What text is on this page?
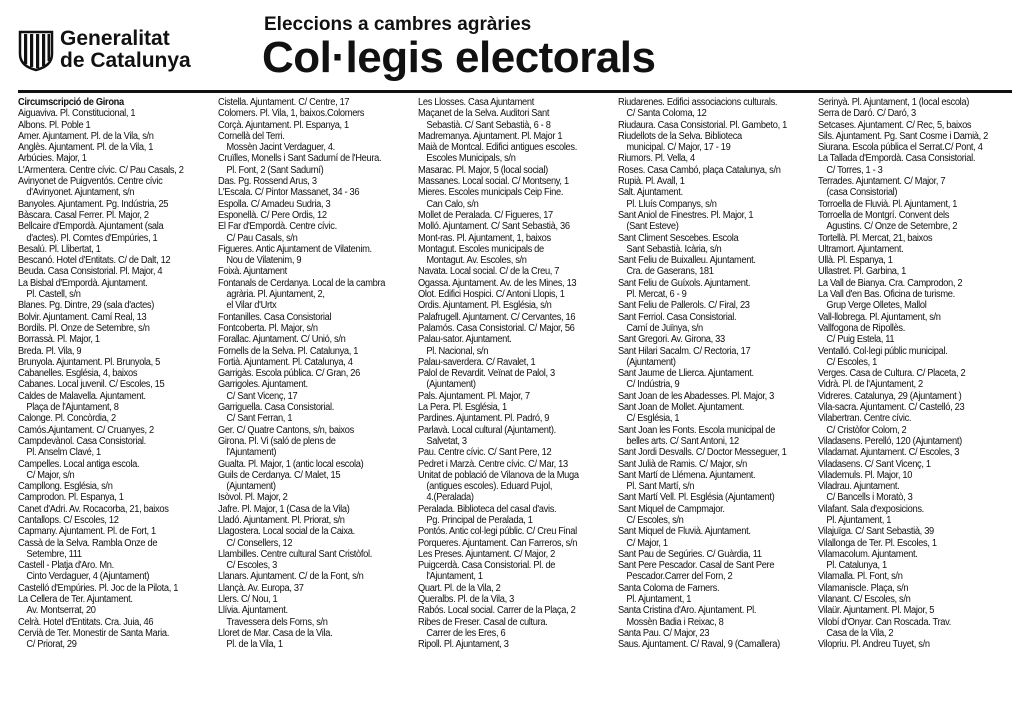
Generalitat
de Catalunya
Eleccions a cambres agràries
Col·legis electorals
Circumscripció de Girona
Aiguaviva. Pl. Constitucional, 1
Albons. Pl. Poble 1
Amer. Ajuntament. Pl. de la Vila, s/n
Anglès. Ajuntament. Pl. de la Vila, 1
Arbúcies. Major, 1
L'Armentera. Centre cívic. C/ Pau Casals, 2
Avinyonet de Puigventós. Centre cívic
d'Avinyonet. Ajuntament, s/n
Banyoles. Ajuntament. Pg. Indústria, 25
Bàscara. Casal Ferrer. Pl. Major, 2
Bellcaire d'Empordà. Ajuntament (sala
d'actes). Pl. Comtes d'Empúries, 1
Besalú. Pl. Llibertat, 1
Bescanó. Hotel d'Entitats. C/ de Dalt, 12
Beuda. Casa Consistorial. Pl. Major, 4
La Bisbal d'Empordà. Ajuntament.
Pl. Castell, s/n
Blanes. Pg. Dintre, 29 (sala d'actes)
Bolvir. Ajuntament. Camí Real, 13
Bordils. Pl. Onze de Setembre, s/n
Borrassà. Pl. Major, 1
Breda. Pl. Vila, 9
Brunyola. Ajuntament. Pl. Brunyola, 5
Cabanelles. Església, 4, baixos
Cabanes. Local juvenil. C/ Escoles, 15
Caldes de Malavella. Ajuntament.
Plaça de l'Ajuntament, 8
Calonge. Pl. Concòrdia, 2
Camós.Ajuntament. C/ Cruanyes, 2
Campdevànol. Casa Consistorial.
Pl. Anselm Clavé, 1
Campelles. Local antiga escola.
C/ Major, s/n
Campllong. Església, s/n
Camprodon. Pl. Espanya, 1
Canet d'Adri. Av. Rocacorba, 21, baixos
Cantallops. C/ Escoles, 12
Capmany. Ajuntament. Pl. de Fort, 1
Cassà de la Selva. Rambla Onze de
Setembre, 111
Castell - Platja d'Aro. Mn.
Cinto Verdaguer, 4 (Ajuntament)
Castelló d'Empúries. Pl. Joc de la Pilota, 1
La Cellera de Ter. Ajuntament.
Av. Montserrat, 20
Celrà. Hotel d'Entitats. Cra. Juia, 46
Cervià de Ter. Monestir de Santa Maria.
C/ Priorat, 29
Cistella. Ajuntament. C/ Centre, 17
Colomers. Pl. Vila, 1, baixos.Colomers
Corçà. Ajuntament. Pl. Espanya, 1
Cornellà del Terri.
Mossèn Jacint Verdaguer, 4.
Cruïlles, Monells i Sant Sadurní de l'Heura.
Pl. Font, 2 (Sant Sadurní)
Das. Pg. Rossend Arus, 3
L'Escala. C/ Pintor Massanet, 34 - 36
Espolla. C/ Amadeu Sudria, 3
Esponellà. C/ Pere Ordis, 12
El Far d'Empordà. Centre cívic.
C/ Pau Casals, s/n
Figueres. Antic Ajuntament de Vilatenim.
Nou de Vilatenim, 9
Foixà. Ajuntament
Fontanals de Cerdanya. Local de la cambra
agrària. Pl. Ajuntament, 2,
el Vilar d'Urtx
Fontanilles. Casa Consistorial
Fontcoberta. Pl. Major, s/n
Forallac. Ajuntament. C/ Unió, s/n
Fornells de la Selva. Pl. Catalunya, 1
Fortià. Ajuntament. Pl. Catalunya, 4
Garrigàs. Escola pública. C/ Gran, 26
Garrigoles. Ajuntament.
C/ Sant Vicenç, 17
Garriguella. Casa Consistorial.
C/ Sant Ferran, 1
Ger. C/ Quatre Cantons, s/n, baixos
Girona. Pl. Vi (saló de plens de
l'Ajuntament)
Gualta. Pl. Major, 1 (antic local escola)
Guils de Cerdanya. C/ Malet, 15
(Ajuntament)
Isòvol. Pl. Major, 2
Jafre. Pl. Major, 1 (Casa de la Vila)
Lladó. Ajuntament. Pl. Priorat, s/n
Llagostera. Local social de la Caixa.
C/ Consellers, 12
Llambilles. Centre cultural Sant Cristòfol.
C/ Escoles, 3
Llanars. Ajuntament. C/ de la Font, s/n
Llançà. Av. Europa, 37
Llers. C/ Nou, 1
Llívia. Ajuntament.
Travessera dels Forns, s/n
Lloret de Mar. Casa de la Vila.
Pl. de la Vila, 1
Les Llosses. Casa Ajuntament
Maçanet de la Selva. Auditori Sant
Sebastià. C/ Sant Sebastià, 6 - 8
Madremanya. Ajuntament. Pl. Major 1
Maià de Montcal. Edifici antigues escoles.
Escoles Municipals, s/n
Masarac. Pl. Major, 5 (local social)
Massanes. Local social. C/ Montseny, 1
Mieres. Escoles municipals Ceip Fine.
Can Calo, s/n
Mollet de Peralada. C/ Figueres, 17
Molló. Ajuntament. C/ Sant Sebastià, 36
Mont-ras. Pl. Ajuntament, 1, baixos
Montagut. Escoles municipals de
Montagut. Av. Escoles, s/n
Navata. Local social. C/ de la Creu, 7
Ogassa. Ajuntament. Av. de les Mines, 13
Olot. Edifici Hospici. C/ Antoni Llopis, 1
Ordis. Ajuntament. Pl. Església, s/n
Palafrugell. Ajuntament. C/ Cervantes, 16
Palamós. Casa Consistorial. C/ Major, 56
Palau-sator. Ajuntament.
Pl. Nacional, s/n
Palau-saverdera. C/ Ravalet, 1
Palol de Revardit. Veïnat de Palol, 3
(Ajuntament)
Pals. Ajuntament. Pl. Major, 7
La Pera. Pl. Església, 1
Pardines. Ajuntament. Pl. Padró, 9
Parlavà. Local cultural (Ajuntament).
Salvetat, 3
Pau. Centre cívic. C/ Sant Pere, 12
Pedret i Marzà. Centre cívic. C/ Mar, 13
Unitat de població de Vilanova de la Muga
(antigues escoles). Eduard Pujol,
4.(Peralada)
Peralada. Biblioteca del casal d'avis.
Pg. Principal de Peralada, 1
Pontós. Antic col·legi públic. C/ Creu Final
Porqueres. Ajuntament. Can Farreros, s/n
Les Preses. Ajuntament. C/ Major, 2
Puigcerdà. Casa Consistorial. Pl. de
l'Ajuntament, 1
Quart. Pl. de la Vila, 2
Queralbs. Pl. de la Vila, 3
Rabós. Local social. Carrer de la Plaça, 2
Ribes de Freser. Casal de cultura.
Carrer de les Eres, 6
Ripoll. Pl. Ajuntament, 3
Riudarenes. Edifici associacions culturals.
C/ Santa Coloma, 12
Riudaura. Casa Consistorial. Pl. Gambeto, 1
Riudellots de la Selva. Biblioteca
municipal. C/ Major, 17 - 19
Riumors. Pl. Vella, 4
Roses. Casa Cambó, plaça Catalunya, s/n
Rupià. Pl. Avall, 1
Salt. Ajuntament.
Pl. Lluís Companys, s/n
Sant Aniol de Finestres. Pl. Major, 1
(Sant Esteve)
Sant Climent Sescebes. Escola
Sant Sebastià. Icària, s/n
Sant Feliu de Buixalleu. Ajuntament.
Cra. de Gaserans, 181
Sant Feliu de Guíxols. Ajuntament.
Pl. Mercat, 6 - 9
Sant Feliu de Pallerols. C/ Firal, 23
Sant Ferriol. Casa Consistorial.
Camí de Juïnya, s/n
Sant Gregori. Av. Girona, 33
Sant Hilari Sacalm. C/ Rectoria, 17
(Ajuntament)
Sant Jaume de Llierca. Ajuntament.
C/ Indústria, 9
Sant Joan de les Abadesses. Pl. Major, 3
Sant Joan de Mollet. Ajuntament.
C/ Església, 1
Sant Joan les Fonts. Escola municipal de
belles arts. C/ Sant Antoni, 12
Sant Jordi Desvalls. C/ Doctor Messeguer, 1
Sant Julià de Ramis. C/ Major, s/n
Sant Martí de Llémena. Ajuntament.
Pl. Sant Martí, s/n
Sant Martí Vell. Pl. Església (Ajuntament)
Sant Miquel de Campmajor.
C/ Escoles, s/n
Sant Miquel de Fluvià. Ajuntament.
C/ Major, 1
Sant Pau de Segúries. C/ Guàrdia, 11
Sant Pere Pescador. Casal de Sant Pere
Pescador.Carrer del Forn, 2
Santa Coloma de Farners.
Pl. Ajuntament, 1
Santa Cristina d'Aro. Ajuntament. Pl.
Mossèn Badia i Reixac, 8
Santa Pau. C/ Major, 23
Saus. Ajuntament. C/ Raval, 9 (Camallera)
Serinyà. Pl. Ajuntament, 1 (local escola)
Serra de Daró. C/ Daró, 3
Setcases. Ajuntament. C/ Rec, 5, baixos
Sils. Ajuntament. Pg. Sant Cosme i Damià, 2
Siurana. Escola pública el Serrat.C/ Pont, 4
La Tallada d'Empordà. Casa Consistorial.
C/ Torres, 1 - 3
Terrades. Ajuntament. C/ Major, 7
(casa Consistorial)
Torroella de Fluvià. Pl. Ajuntament, 1
Torroella de Montgrí. Convent dels
Agustins. C/ Onze de Setembre, 2
Tortellà. Pl. Mercat, 21, baixos
Ultramort. Ajuntament.
Ullà. Pl. Espanya, 1
Ullastret. Pl. Garbina, 1
La Vall de Bianya. Cra. Camprodon, 2
La Vall d'en Bas. Oficina de turisme.
Grup Verge Olletes, Mallol
Vall-llobrega. Pl. Ajuntament, s/n
Vallfogona de Ripollès.
C/ Puig Estela, 11
Ventalló. Col·legi públic municipal.
C/ Escoles, 1
Verges. Casa de Cultura. C/ Placeta, 2
Vidrà. Pl. de l'Ajuntament, 2
Vidreres. Catalunya, 29 (Ajuntament )
Vila-sacra. Ajuntament. C/ Castelló, 23
Vilabertran. Centre cívic.
C/ Cristòfor Colom, 2
Viladasens. Perelló, 120 (Ajuntament)
Viladamat. Ajuntament. C/ Escoles, 3
Viladasens. C/ Sant Vicenç, 1
Vilademuls. Pl. Major, 10
Viladrau. Ajuntament.
C/ Bancells i Moratò, 3
Vilafant. Sala d'exposicions.
Pl. Ajuntament, 1
Vilajuïga. C/ Sant Sebastià, 39
Vilallonga de Ter. Pl. Escoles, 1
Vilamacolum. Ajuntament.
Pl. Catalunya, 1
Vilamalla. Pl. Font, s/n
Vilamaniscle. Plaça, s/n
Vilanant. C/ Escoles, s/n
Vilaür. Ajuntament. Pl. Major, 5
Vilobí d'Onyar. Can Roscada. Trav.
Casa de la Vila, 2
Vilopriu. Pl. Andreu Tuyet, s/n
